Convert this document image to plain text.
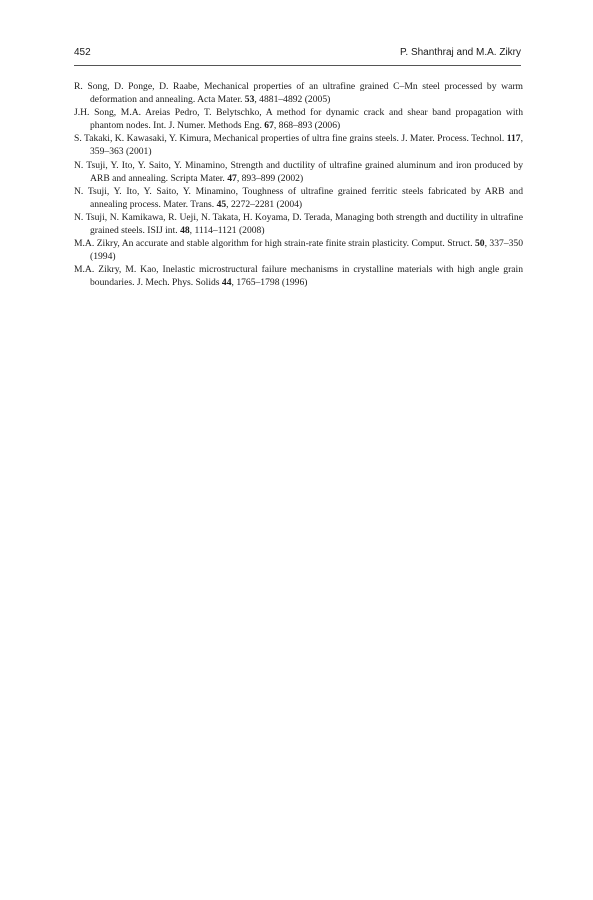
452	P. Shanthraj and M.A. Zikry

R. Song, D. Ponge, D. Raabe, Mechanical properties of an ultrafine grained C–Mn steel processed by warm deformation and annealing. Acta Mater. 53, 4881–4892 (2005)

J.H. Song, M.A. Areias Pedro, T. Belytschko, A method for dynamic crack and shear band propagation with phantom nodes. Int. J. Numer. Methods Eng. 67, 868–893 (2006)

S. Takaki, K. Kawasaki, Y. Kimura, Mechanical properties of ultra fine grains steels. J. Mater. Process. Technol. 117, 359–363 (2001)

N. Tsuji, Y. Ito, Y. Saito, Y. Minamino, Strength and ductility of ultrafine grained aluminum and iron produced by ARB and annealing. Scripta Mater. 47, 893–899 (2002)

N. Tsuji, Y. Ito, Y. Saito, Y. Minamino, Toughness of ultrafine grained ferritic steels fabricated by ARB and annealing process. Mater. Trans. 45, 2272–2281 (2004)

N. Tsuji, N. Kamikawa, R. Ueji, N. Takata, H. Koyama, D. Terada, Managing both strength and ductility in ultrafine grained steels. ISIJ int. 48, 1114–1121 (2008)

M.A. Zikry, An accurate and stable algorithm for high strain-rate finite strain plasticity. Comput. Struct. 50, 337–350 (1994)

M.A. Zikry, M. Kao, Inelastic microstructural failure mechanisms in crystalline materials with high angle grain boundaries. J. Mech. Phys. Solids 44, 1765–1798 (1996)
